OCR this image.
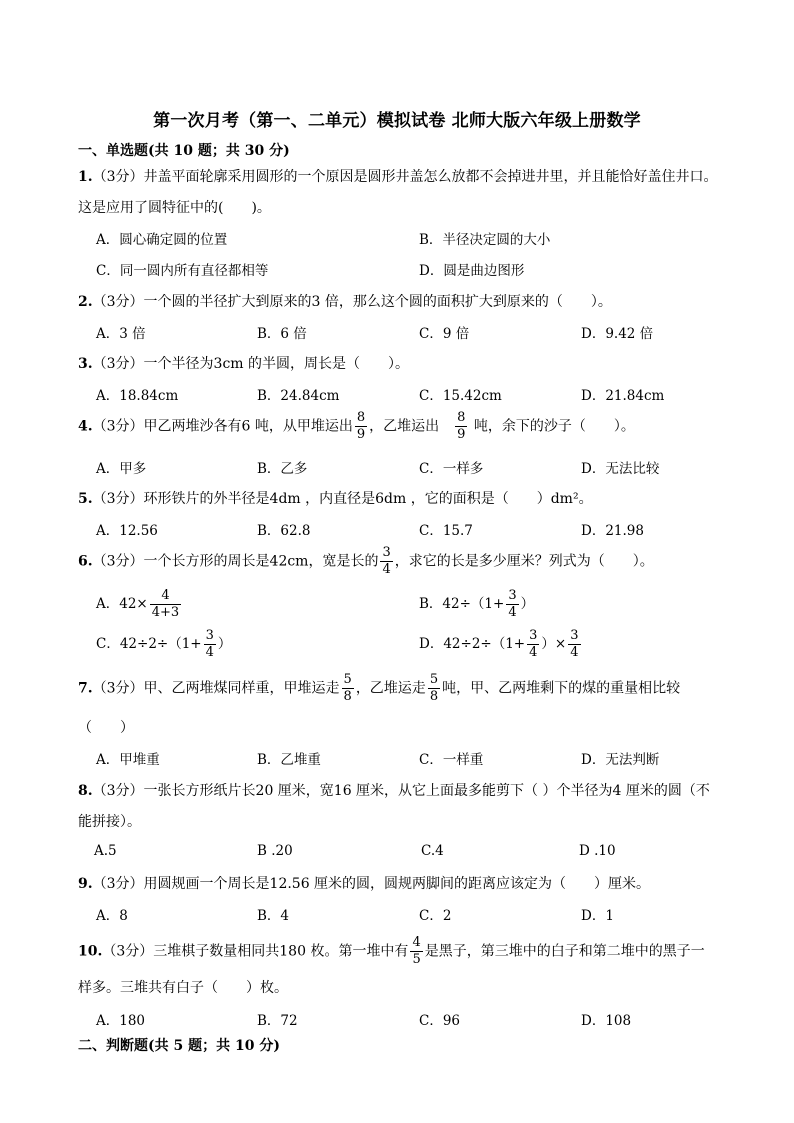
第一次月考（第一、二单元）模拟试卷 北师大版六年级上册数学
一、单选题(共 10 题；共 30 分)
1.（3分）井盖平面轮廓采用圆形的一个原因是圆形井盖怎么放都不会掉进井里，并且能恰好盖住井口。
这是应用了圆特征中的(　　)。
A．圆心确定圆的位置	B．半径决定圆的大小
C．同一圆内所有直径都相等	D．圆是曲边图形
2.（3分）一个圆的半径扩大到原来的3 倍，那么这个圆的面积扩大到原来的（　　）。
A．3 倍	B．6 倍	C．9 倍	D．9.42 倍
3.（3分）一个半径为3cm 的半圆，周长是（　　）。
A．18.84cm	B．24.84cm	C．15.42cm	D．21.84cm
4.（3分）甲乙两堆沙各有6 吨，从甲堆运出 $\frac{8}{9}$ ，乙堆运出　 $\frac{8}{9}$ 吨，余下的沙子（　　）。
A．甲多	B．乙多	C．一样多	D．无法比较
5.（3分）环形铁片的外半径是4dm ，内直径是6dm ，它的面积是（　　）dm²。
A．12.56	B．62.8	C．15.7	D．21.98
6.（3分）一个长方形的周长是42cm，宽是长的 $\frac{3}{4}$ ，求它的长是多少厘米？列式为（　　）。
A．$42\times \frac{4}{4+3}$	B．$42\div(1+ \frac{3}{4}$ ）
C．$42\div 2\div(1+ \frac{3}{4}$ ）	D．$42\div 2\div(1+ \frac{3}{4}$ ）× $\frac{3}{4}$
7.（3分）甲、乙两堆煤同样重，甲堆运走 $\frac{5}{8}$ ，乙堆运走 $\frac{5}{8}$ 吨，甲、乙两堆剩下的煤的重量相比较
（　　）
A．甲堆重	B．乙堆重	C．一样重	D．无法判断
8.（3分）一张长方形纸片长20 厘米，宽16 厘米，从它上面最多能剪下（ ）个半径为4 厘米的圆（不
能拼接）。
A.5	B .20	C.4	D .10
9.（3分）用圆规画一个周长是12.56 厘米的圆，圆规两脚间的距离应该定为（　　）厘米。
A．8	B．4	C．2	D．1
10.（3分）三堆棋子数量相同共180 枚。第一堆中有 $\frac{4}{5}$ 是黑子，第三堆中的白子和第二堆中的黑子一
样多。三堆共有白子（　　）枚。
A．180	B．72	C．96	D．108
二、判断题(共 5 题；共 10 分)
